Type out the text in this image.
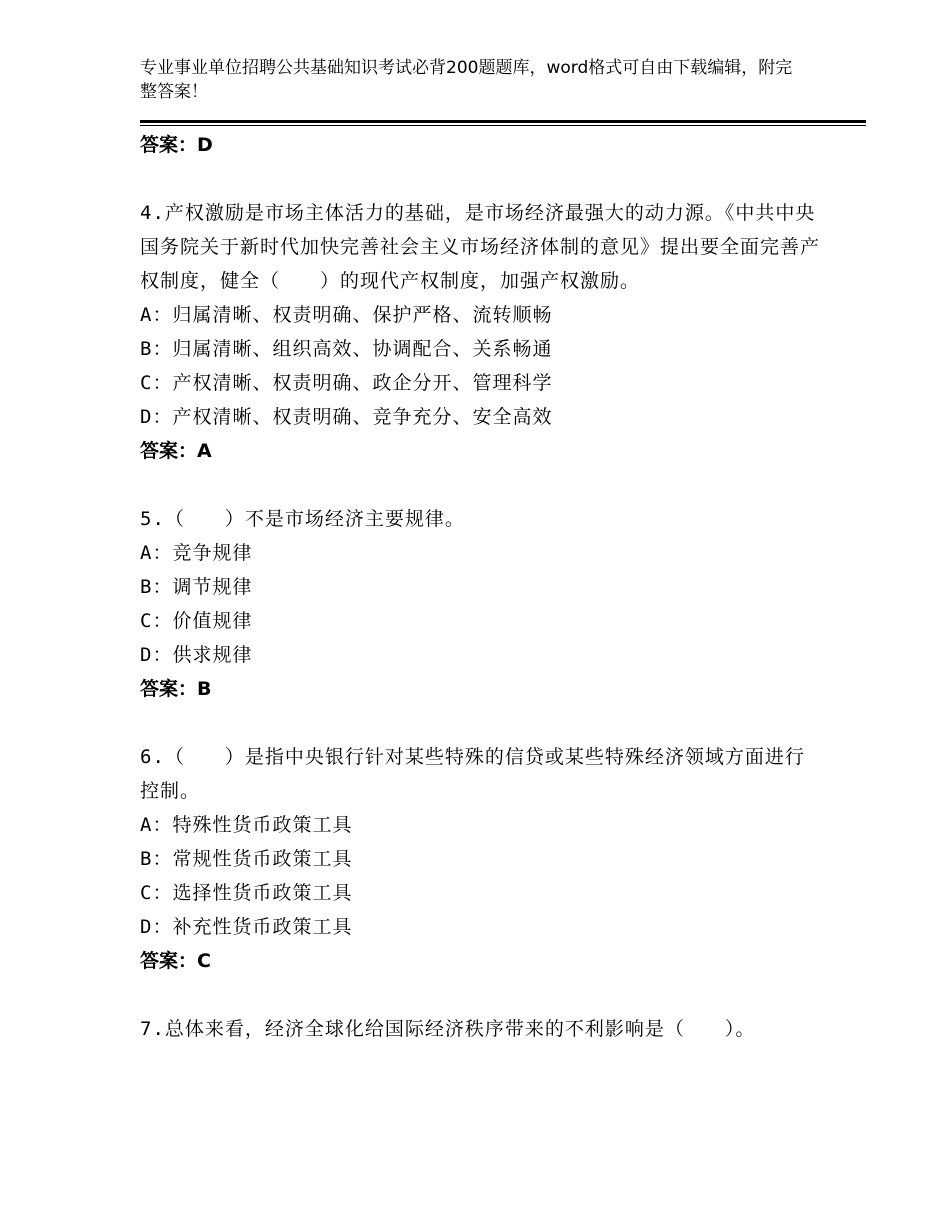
专业事业单位招聘公共基础知识考试必背200题题库，word格式可自由下载编辑，附完整答案！
答案：D
4.产权激励是市场主体活力的基础，是市场经济最强大的动力源。《中共中央国务院关于新时代加快完善社会主义市场经济体制的意见》提出要全面完善产权制度，健全（　　）的现代产权制度，加强产权激励。
A：归属清晰、权责明确、保护严格、流转顺畅
B：归属清晰、组织高效、协调配合、关系畅通
C：产权清晰、权责明确、政企分开、管理科学
D：产权清晰、权责明确、竞争充分、安全高效
答案：A
5.（　　）不是市场经济主要规律。
A：竞争规律
B：调节规律
C：价值规律
D：供求规律
答案：B
6.（　　）是指中央银行针对某些特殊的信贷或某些特殊经济领域方面进行控制。
A：特殊性货币政策工具
B：常规性货币政策工具
C：选择性货币政策工具
D：补充性货币政策工具
答案：C
7.总体来看，经济全球化给国际经济秩序带来的不利影响是（　　）。
